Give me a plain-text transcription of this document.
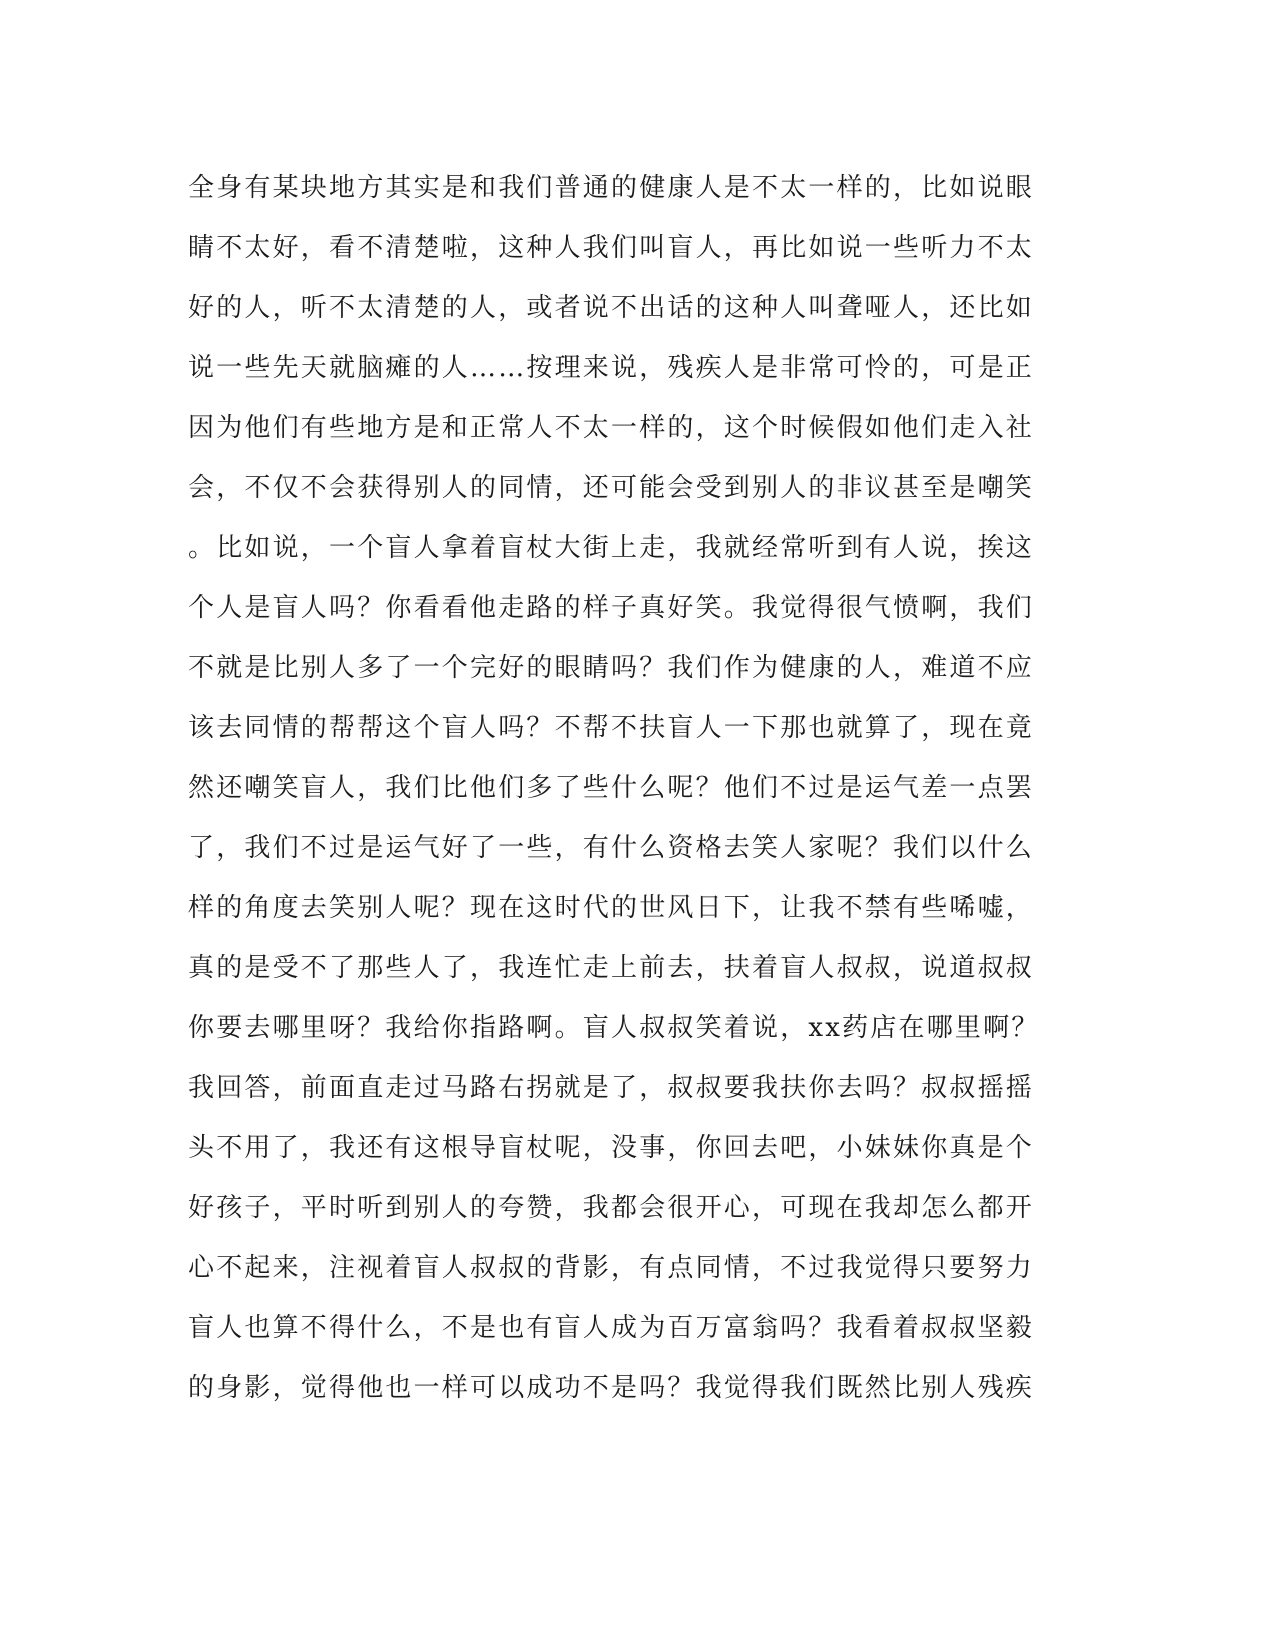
全身有某块地方其实是和我们普通的健康人是不太一样的，比如说眼
睛不太好，看不清楚啦，这种人我们叫盲人，再比如说一些听力不太
好的人，听不太清楚的人，或者说不出话的这种人叫聋哑人，还比如
说一些先天就脑瘫的人……按理来说，残疾人是非常可怜的，可是正
因为他们有些地方是和正常人不太一样的，这个时候假如他们走入社
会，不仅不会获得别人的同情，还可能会受到别人的非议甚至是嘲笑
。比如说，一个盲人拿着盲杖大街上走，我就经常听到有人说，挨这
个人是盲人吗？你看看他走路的样子真好笑。我觉得很气愤啊，我们
不就是比别人多了一个完好的眼睛吗？我们作为健康的人，难道不应
该去同情的帮帮这个盲人吗？不帮不扶盲人一下那也就算了，现在竟
然还嘲笑盲人，我们比他们多了些什么呢？他们不过是运气差一点罢
了，我们不过是运气好了一些，有什么资格去笑人家呢？我们以什么
样的角度去笑别人呢？现在这时代的世风日下，让我不禁有些唏嘘，
真的是受不了那些人了，我连忙走上前去，扶着盲人叔叔，说道叔叔
你要去哪里呀？我给你指路啊。盲人叔叔笑着说，xx药店在哪里啊？
我回答，前面直走过马路右拐就是了，叔叔要我扶你去吗？叔叔摇摇
头不用了，我还有这根导盲杖呢，没事，你回去吧，小妹妹你真是个
好孩子，平时听到别人的夸赞，我都会很开心，可现在我却怎么都开
心不起来，注视着盲人叔叔的背影，有点同情，不过我觉得只要努力
盲人也算不得什么，不是也有盲人成为百万富翁吗？我看着叔叔坚毅
的身影，觉得他也一样可以成功不是吗？我觉得我们既然比别人残疾
